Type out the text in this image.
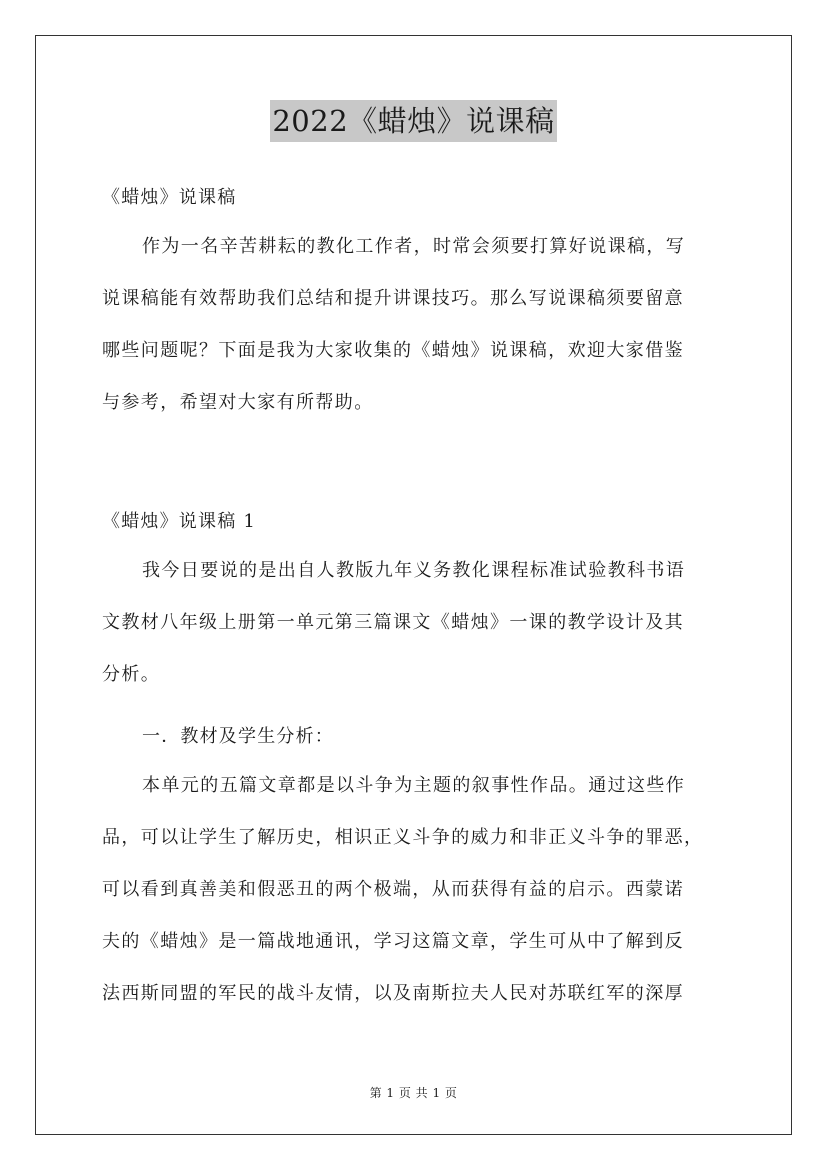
2022《蜡烛》说课稿
《蜡烛》说课稿
作为一名辛苦耕耘的教化工作者，时常会须要打算好说课稿，写
说课稿能有效帮助我们总结和提升讲课技巧。那么写说课稿须要留意
哪些问题呢？下面是我为大家收集的《蜡烛》说课稿，欢迎大家借鉴
与参考，希望对大家有所帮助。
《蜡烛》说课稿 1
我今日要说的是出自人教版九年义务教化课程标准试验教科书语
文教材八年级上册第一单元第三篇课文《蜡烛》一课的教学设计及其
分析。
一．教材及学生分析：
本单元的五篇文章都是以斗争为主题的叙事性作品。通过这些作
品，可以让学生了解历史，相识正义斗争的威力和非正义斗争的罪恶，
可以看到真善美和假恶丑的两个极端，从而获得有益的启示。西蒙诺
夫的《蜡烛》是一篇战地通讯，学习这篇文章，学生可从中了解到反
法西斯同盟的军民的战斗友情，以及南斯拉夫人民对苏联红军的深厚
第 1 页 共 1 页
